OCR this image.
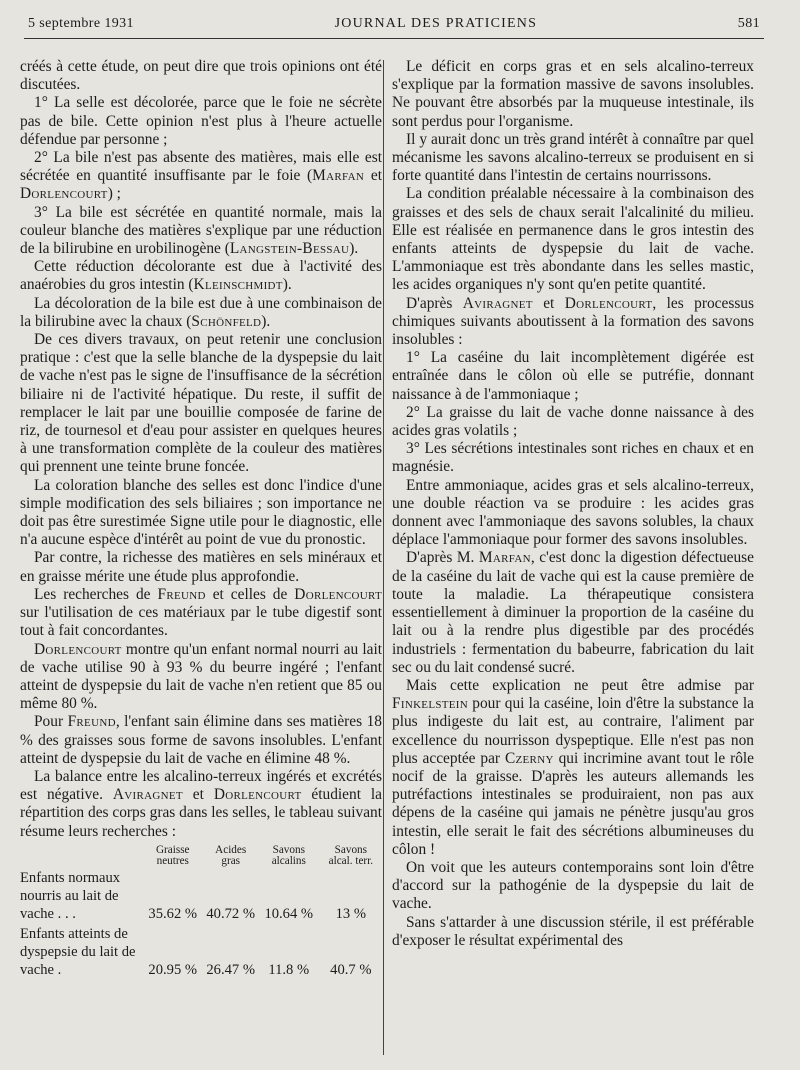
5 septembre 1931	JOURNAL DES PRATICIENS	581

créés à cette étude, on peut dire que trois opinions ont été discutées.

1° La selle est décolorée, parce que le foie ne sécrète pas de bile. Cette opinion n'est plus à l'heure actuelle défendue par personne ;

2° La bile n'est pas absente des matières, mais elle est sécrétée en quantité insuffisante par le foie (Marfan et Dorlencourt) ;

3° La bile est sécrétée en quantité normale, mais la couleur blanche des matières s'explique par une réduction de la bilirubine en urobilinogène (Langstein-Bessau).

Cette réduction décolorante est due à l'activité des anaérobies du gros intestin (Kleinschmidt).

La décoloration de la bile est due à une combinaison de la bilirubine avec la chaux (Schönfeld).

De ces divers travaux, on peut retenir une conclusion pratique : c'est que la selle blanche de la dyspepsie du lait de vache n'est pas le signe de l'insuffisance de la sécrétion biliaire ni de l'activité hépatique. Du reste, il suffit de remplacer le lait par une bouillie composée de farine de riz, de tournesol et d'eau pour assister en quelques heures à une transformation complète de la couleur des matières qui prennent une teinte brune foncée.

La coloration blanche des selles est donc l'indice d'une simple modification des sels biliaires ; son importance ne doit pas être surestimée Signe utile pour le diagnostic, elle n'a aucune espèce d'intérêt au point de vue du pronostic.

Par contre, la richesse des matières en sels minéraux et en graisse mérite une étude plus approfondie.

Les recherches de Freund et celles de Dorlencourt sur l'utilisation de ces matériaux par le tube digestif sont tout à fait concordantes.

Dorlencourt montre qu'un enfant normal nourri au lait de vache utilise 90 à 93 % du beurre ingéré ; l'enfant atteint de dyspepsie du lait de vache n'en retient que 85 ou même 80 %.

Pour Freund, l'enfant sain élimine dans ses matières 18 % des graisses sous forme de savons insolubles. L'enfant atteint de dyspepsie du lait de vache en élimine 48 %.

La balance entre les alcalino-terreux ingérés et excrétés est négative. Aviragnet et Dorlencourt étudient la répartition des corps gras dans les selles, le tableau suivant résume leurs recherches :

	Graisse neutres	Acides gras	Savons alcalins	Savons alcal. terr.
Enfants normaux nourris au lait de vache . . .	35.62 %	40.72 %	10.64 %	13 %
Enfants atteints de dyspepsie du lait de vache .	20.95 %	26.47 %	11.8 %	40.7 %

Le déficit en corps gras et en sels alcalino-terreux s'explique par la formation massive de savons insolubles. Ne pouvant être absorbés par la muqueuse intestinale, ils sont perdus pour l'organisme.

Il y aurait donc un très grand intérêt à connaître par quel mécanisme les savons alcalino-terreux se produisent en si forte quantité dans l'intestin de certains nourrissons.

La condition préalable nécessaire à la combinaison des graisses et des sels de chaux serait l'alcalinité du milieu. Elle est réalisée en permanence dans le gros intestin des enfants atteints de dyspepsie du lait de vache. L'ammoniaque est très abondante dans les selles mastic, les acides organiques n'y sont qu'en petite quantité.

D'après Aviragnet et Dorlencourt, les processus chimiques suivants aboutissent à la formation des savons insolubles :

1° La caséine du lait incomplètement digérée est entraînée dans le côlon où elle se putréfie, donnant naissance à de l'ammoniaque ;

2° La graisse du lait de vache donne naissance à des acides gras volatils ;

3° Les sécrétions intestinales sont riches en chaux et en magnésie.

Entre ammoniaque, acides gras et sels alcalino-terreux, une double réaction va se produire : les acides gras donnent avec l'ammoniaque des savons solubles, la chaux déplace l'ammoniaque pour former des savons insolubles.

D'après M. Marfan, c'est donc la digestion défectueuse de la caséine du lait de vache qui est la cause première de toute la maladie. La thérapeutique consistera essentiellement à diminuer la proportion de la caséine du lait ou à la rendre plus digestible par des procédés industriels : fermentation du babeurre, fabrication du lait sec ou du lait condensé sucré.

Mais cette explication ne peut être admise par Finkelstein pour qui la caséine, loin d'être la substance la plus indigeste du lait est, au contraire, l'aliment par excellence du nourrisson dyspeptique. Elle n'est pas non plus acceptée par Czerny qui incrimine avant tout le rôle nocif de la graisse. D'après les auteurs allemands les putréfactions intestinales se produiraient, non pas aux dépens de la caséine qui jamais ne pénètre jusqu'au gros intestin, elle serait le fait des sécrétions albumineuses du côlon !

On voit que les auteurs contemporains sont loin d'être d'accord sur la pathogénie de la dyspepsie du lait de vache.

Sans s'attarder à une discussion stérile, il est préférable d'exposer le résultat expérimental des
